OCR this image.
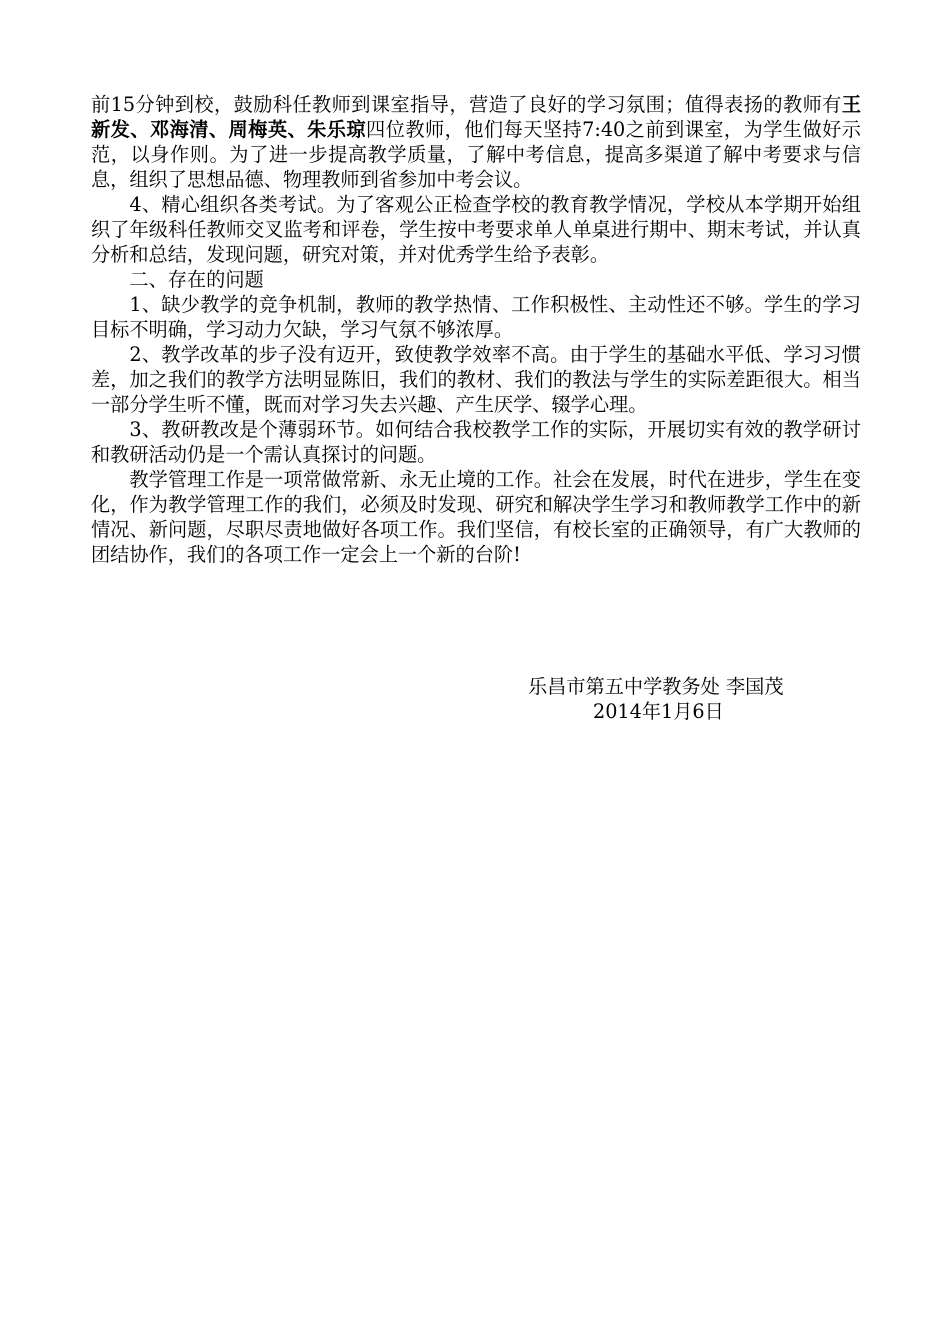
前15分钟到校，鼓励科任教师到课室指导，营造了良好的学习氛围；值得表扬的教师有王新发、邓海清、周梅英、朱乐琼四位教师，他们每天坚持7:40之前到课室，为学生做好示范，以身作则。为了进一步提高教学质量，了解中考信息，提高多渠道了解中考要求与信息，组织了思想品德、物理教师到省参加中考会议。

4、精心组织各类考试。为了客观公正检查学校的教育教学情况，学校从本学期开始组织了年级科任教师交叉监考和评卷，学生按中考要求单人单桌进行期中、期末考试，并认真分析和总结，发现问题，研究对策，并对优秀学生给予表彰。

二、存在的问题

1、缺少教学的竞争机制，教师的教学热情、工作积极性、主动性还不够。学生的学习目标不明确，学习动力欠缺，学习气氛不够浓厚。

2、教学改革的步子没有迈开，致使教学效率不高。由于学生的基础水平低、学习习惯差，加之我们的教学方法明显陈旧，我们的教材、我们的教法与学生的实际差距很大。相当一部分学生听不懂，既而对学习失去兴趣、产生厌学、辍学心理。

3、教研教改是个薄弱环节。如何结合我校教学工作的实际，开展切实有效的教学研讨和教研活动仍是一个需认真探讨的问题。

教学管理工作是一项常做常新、永无止境的工作。社会在发展，时代在进步，学生在变化，作为教学管理工作的我们，必须及时发现、研究和解决学生学习和教师教学工作中的新情况、新问题，尽职尽责地做好各项工作。我们坚信，有校长室的正确领导，有广大教师的团结协作，我们的各项工作一定会上一个新的台阶!

乐昌市第五中学教务处 李国茂
2014年1月6日
